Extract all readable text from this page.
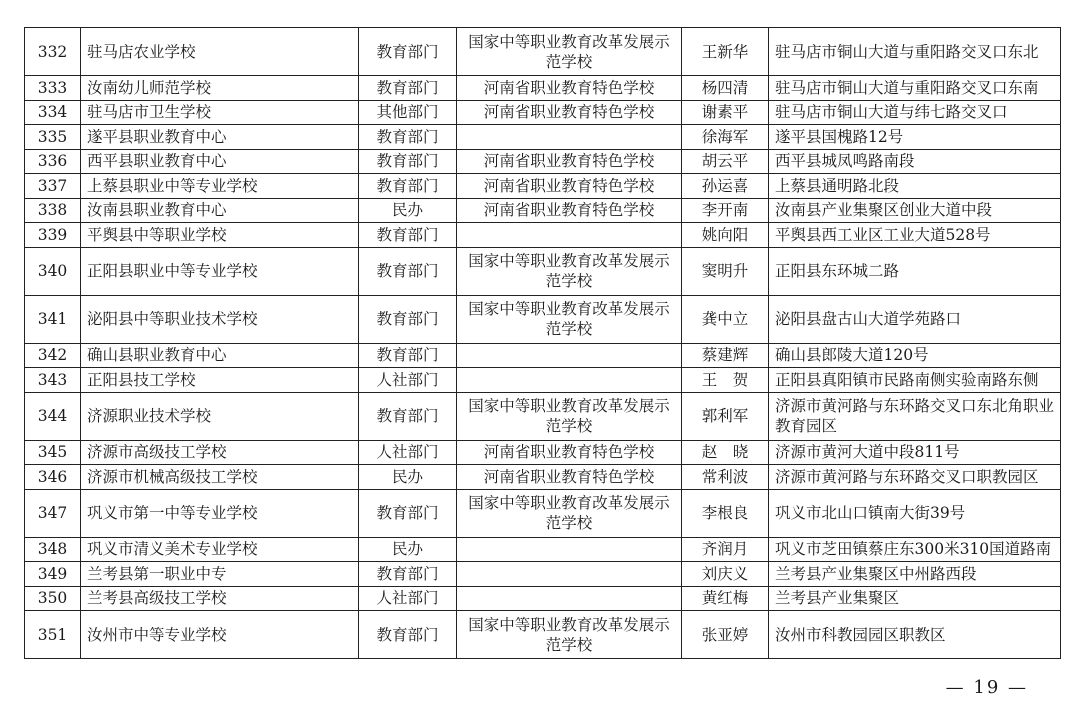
332	驻马店农业学校	教育部门	国家中等职业教育改革发展示范学校	王新华	驻马店市铜山大道与重阳路交叉口东北
333	汝南幼儿师范学校	教育部门	河南省职业教育特色学校	杨四清	驻马店市铜山大道与重阳路交叉口东南
334	驻马店市卫生学校	其他部门	河南省职业教育特色学校	谢素平	驻马店市铜山大道与纬七路交叉口
335	遂平县职业教育中心	教育部门		徐海军	遂平县国槐路12号
336	西平县职业教育中心	教育部门	河南省职业教育特色学校	胡云平	西平县城凤鸣路南段
337	上蔡县职业中等专业学校	教育部门	河南省职业教育特色学校	孙运喜	上蔡县通明路北段
338	汝南县职业教育中心	民办	河南省职业教育特色学校	李开南	汝南县产业集聚区创业大道中段
339	平舆县中等职业学校	教育部门		姚向阳	平舆县西工业区工业大道528号
340	正阳县职业中等专业学校	教育部门	国家中等职业教育改革发展示范学校	窦明升	正阳县东环城二路
341	泌阳县中等职业技术学校	教育部门	国家中等职业教育改革发展示范学校	龚中立	泌阳县盘古山大道学苑路口
342	确山县职业教育中心	教育部门		蔡建辉	确山县郎陵大道120号
343	正阳县技工学校	人社部门		王　贺	正阳县真阳镇市民路南侧实验南路东侧
344	济源职业技术学校	教育部门	国家中等职业教育改革发展示范学校	郭利军	济源市黄河路与东环路交叉口东北角职业教育园区
345	济源市高级技工学校	人社部门	河南省职业教育特色学校	赵　晓	济源市黄河大道中段811号
346	济源市机械高级技工学校	民办	河南省职业教育特色学校	常利波	济源市黄河路与东环路交叉口职教园区
347	巩义市第一中等专业学校	教育部门	国家中等职业教育改革发展示范学校	李根良	巩义市北山口镇南大街39号
348	巩义市清义美术专业学校	民办		齐润月	巩义市芝田镇蔡庄东300米310国道路南
349	兰考县第一职业中专	教育部门		刘庆义	兰考县产业集聚区中州路西段
350	兰考县高级技工学校	人社部门		黄红梅	兰考县产业集聚区
351	汝州市中等专业学校	教育部门	国家中等职业教育改革发展示范学校	张亚婷	汝州市科教园园区职教区
— 19 —
